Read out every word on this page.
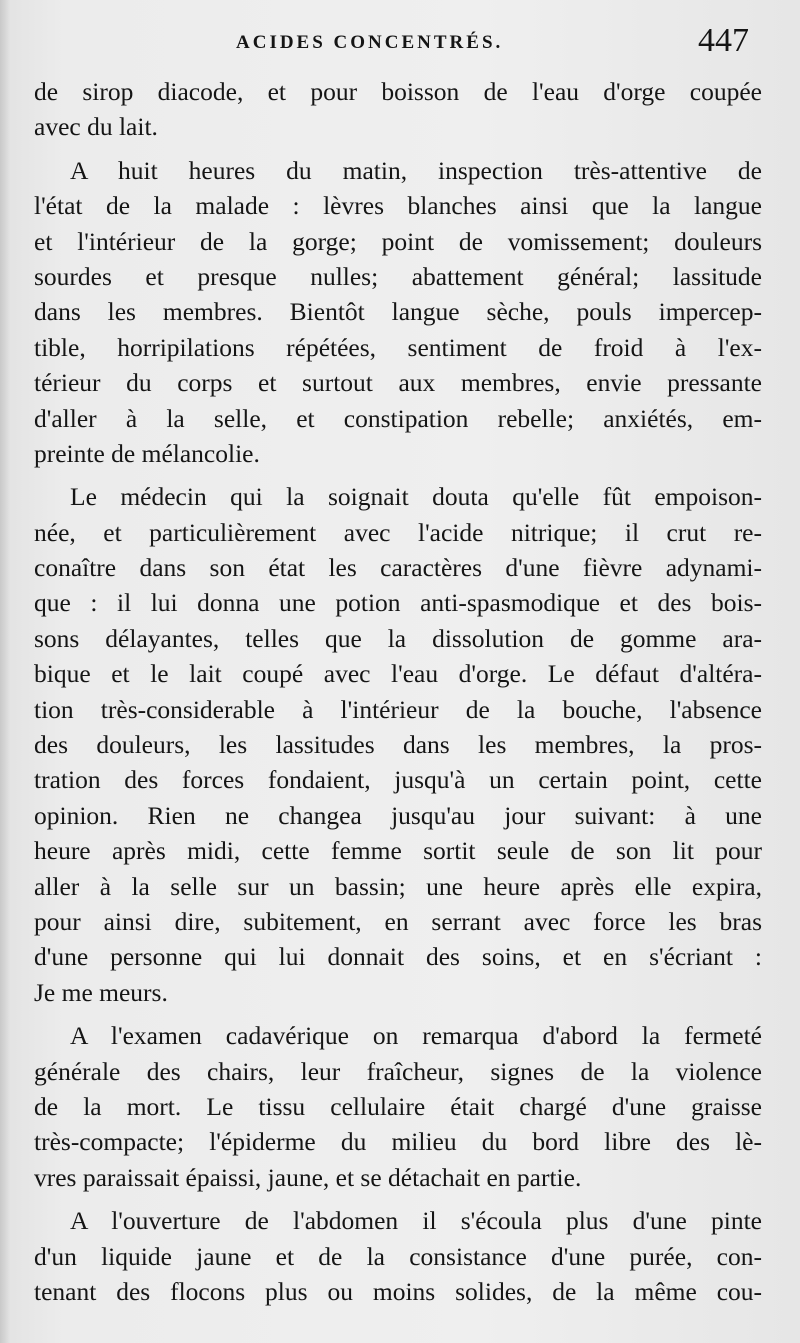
ACIDES CONCENTRÉS.	447
de sirop diacode, et pour boisson de l'eau d'orge coupée
avec du lait.
A huit heures du matin, inspection très-attentive de
l'état de la malade : lèvres blanches ainsi que la langue
et l'intérieur de la gorge; point de vomissement; douleurs
sourdes et presque nulles; abattement général; lassitude
dans les membres. Bientôt langue sèche, pouls impercep-
tible, horripilations répétées, sentiment de froid à l'ex-
térieur du corps et surtout aux membres, envie pressante
d'aller à la selle, et constipation rebelle; anxiétés, em-
preinte de mélancolie.
Le médecin qui la soignait douta qu'elle fût empoison-
née, et particulièrement avec l'acide nitrique; il crut re-
conaître dans son état les caractères d'une fièvre adynami-
que : il lui donna une potion anti-spasmodique et des bois-
sons délayantes, telles que la dissolution de gomme ara-
bique et le lait coupé avec l'eau d'orge. Le défaut d'altéra-
tion très-considerable à l'intérieur de la bouche, l'absence
des douleurs, les lassitudes dans les membres, la pros-
tration des forces fondaient, jusqu'à un certain point, cette
opinion. Rien ne changea jusqu'au jour suivant: à une
heure après midi, cette femme sortit seule de son lit pour
aller à la selle sur un bassin; une heure après elle expira,
pour ainsi dire, subitement, en serrant avec force les bras
d'une personne qui lui donnait des soins, et en s'écriant :
Je me meurs.
A l'examen cadavérique on remarqua d'abord la fermeté
générale des chairs, leur fraîcheur, signes de la violence
de la mort. Le tissu cellulaire était chargé d'une graisse
très-compacte; l'épiderme du milieu du bord libre des lè-
vres paraissait épaissi, jaune, et se détachait en partie.
A l'ouverture de l'abdomen il s'écoula plus d'une pinte
d'un liquide jaune et de la consistance d'une purée, con-
tenant des flocons plus ou moins solides, de la même cou-
